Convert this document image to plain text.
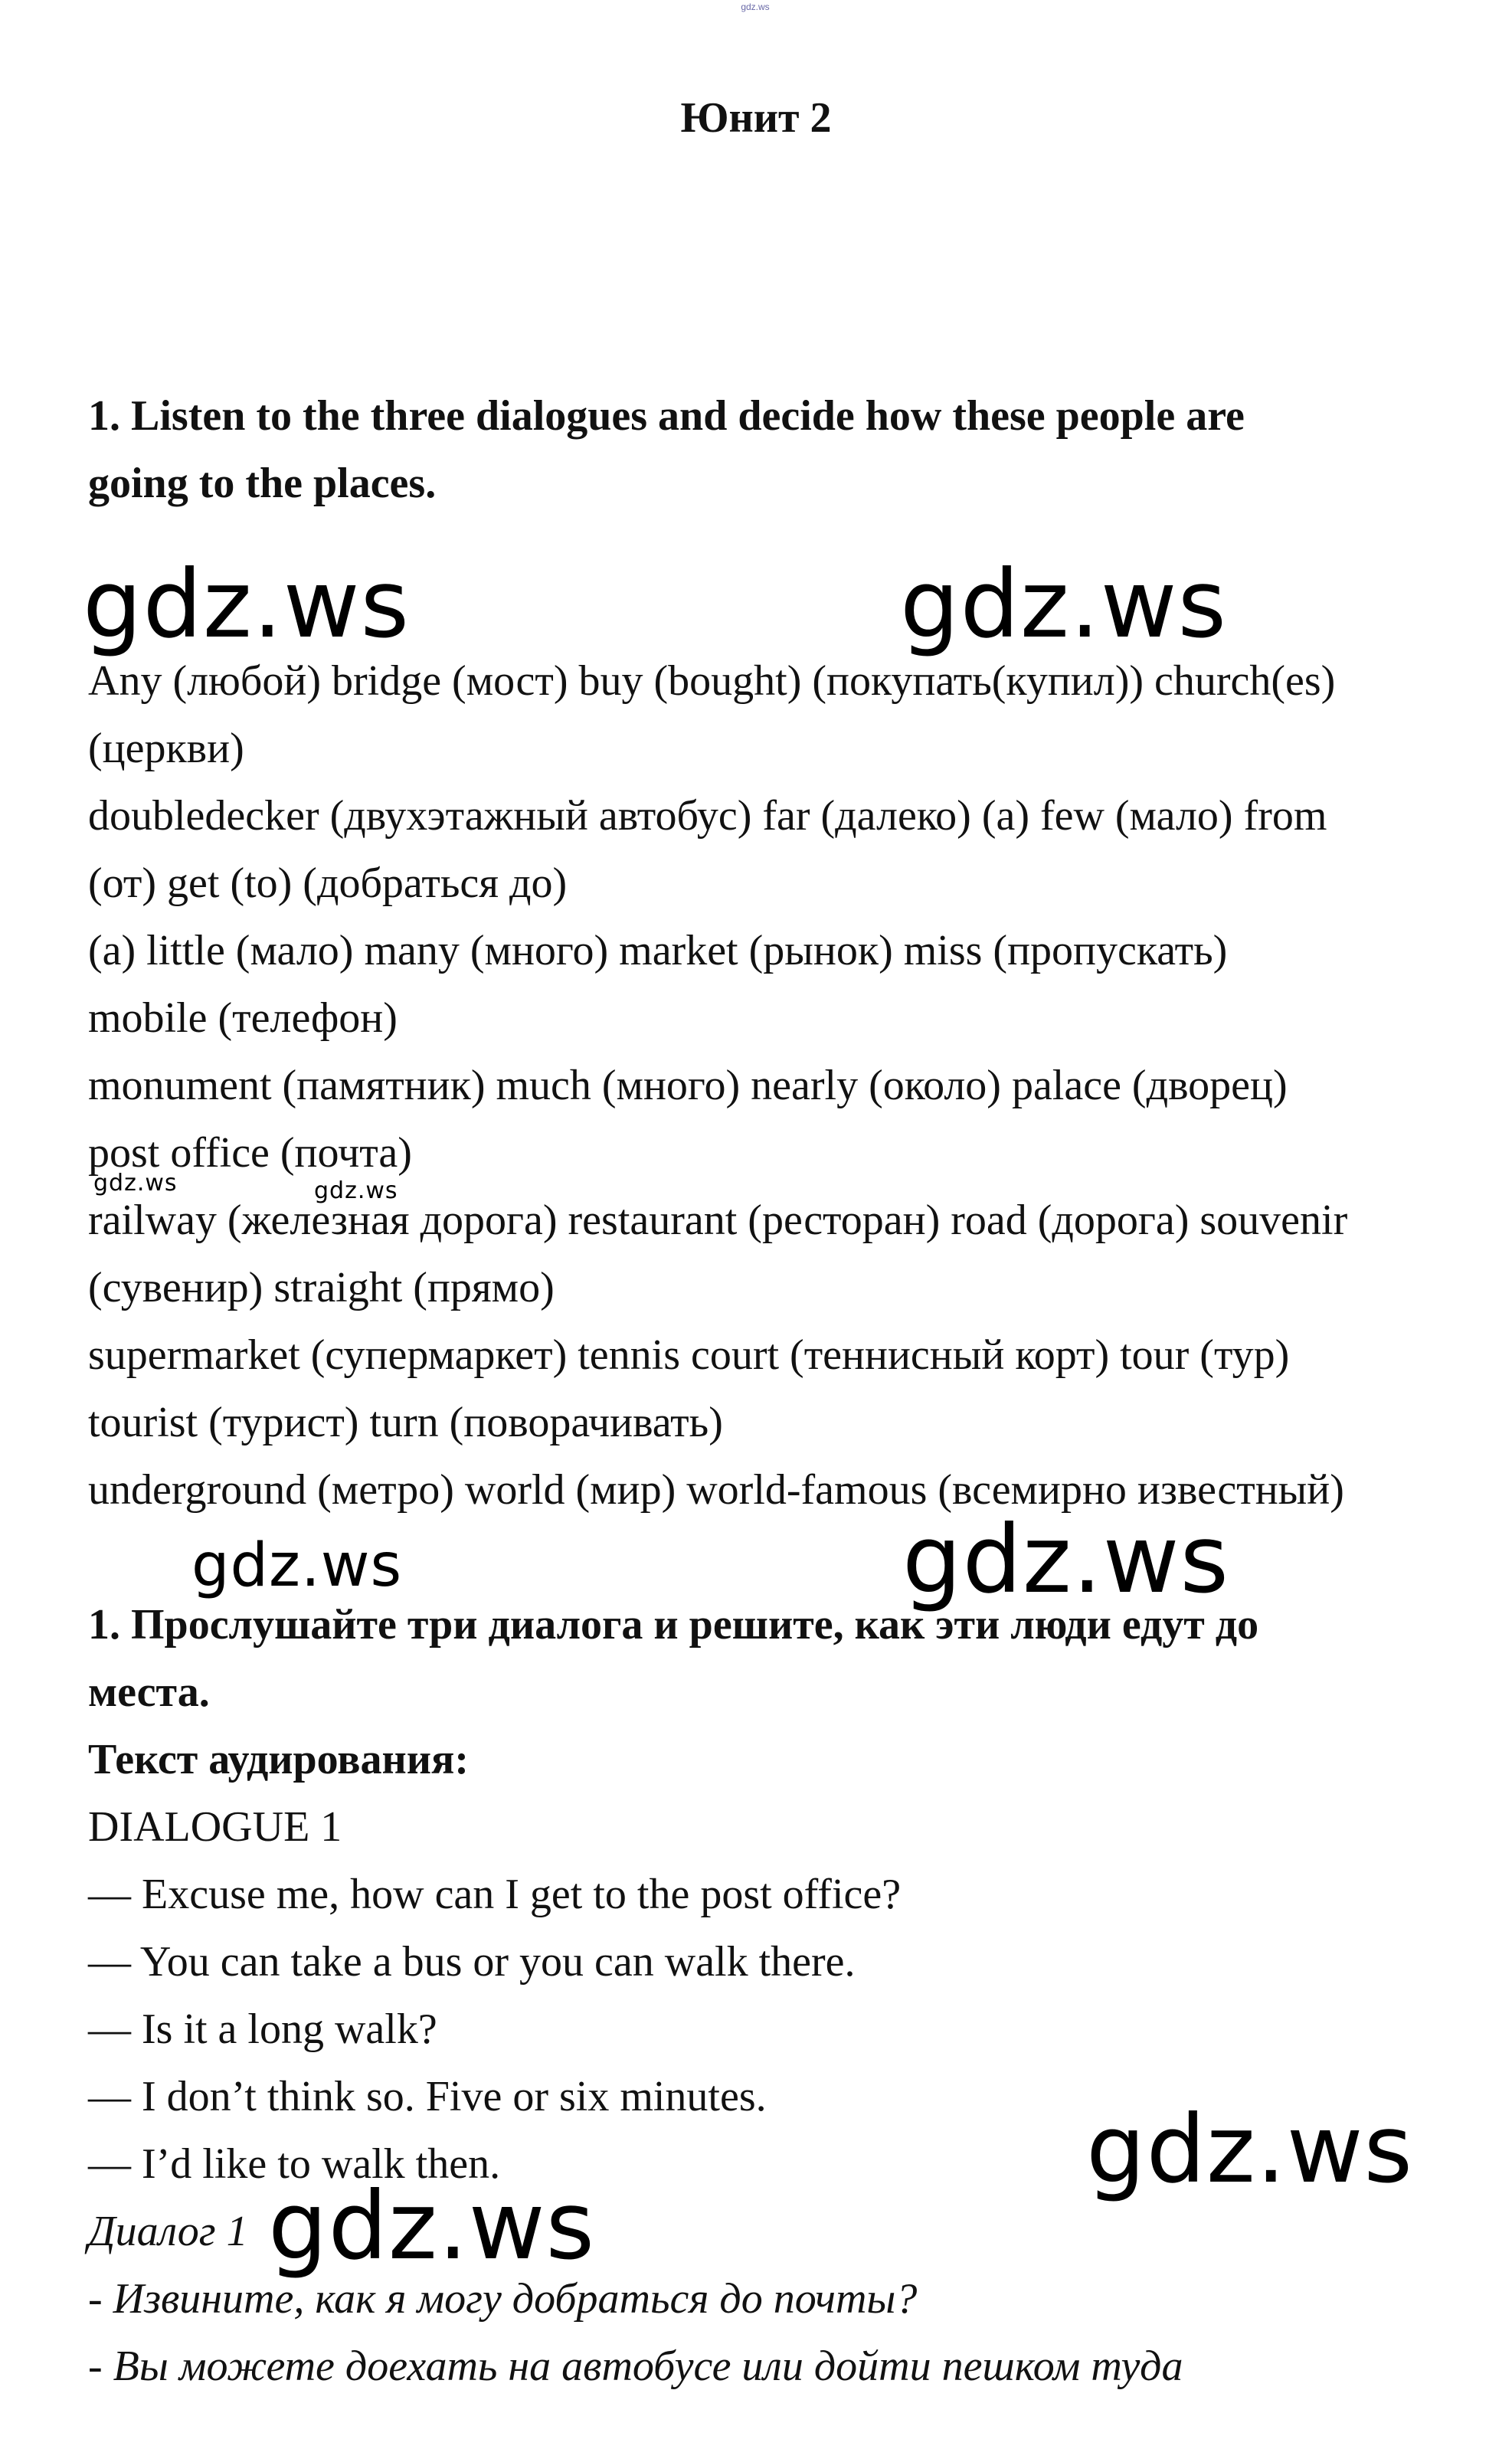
gdz.ws
Юнит 2
1. Listen to the three dialogues and decide how these people are
going to the places.
Any (любой) bridge (мост) buy (bought) (покупать(купил)) church(es)
(церкви)
doubledecker (двухэтажный автобус) far (далеко) (a) few (мало) from
(от) get (to) (добраться до)
(a) little (мало) many (много) market (рынок) miss (пропускать)
mobile (телефон)
monument (памятник) much (много) nearly (около) palace (дворец)
post office (почта)
railway (железная дорога) restaurant (ресторан) road (дорога) souvenir
(сувенир) straight (прямо)
supermarket (супермаркет) tennis court (теннисный корт) tour (тур)
tourist (турист) turn (поворачивать)
underground (метро) world (мир) world-famous (всемирно известный)
1. Прослушайте три диалога и решите, как эти люди едут до
места.
Текст аудирования:
DIALOGUE 1
— Excuse me, how can I get to the post office?
— You can take a bus or you can walk there.
— Is it a long walk?
— I don’t think so. Five or six minutes.
— I’d like to walk then.
Диалог 1
- Извините, как я могу добраться до почты?
- Вы можете доехать на автобусе или дойти пешком туда
gdz.ws	gdz.ws
gdz.ws	gdz.ws
gdz.ws	gdz.ws
gdz.ws
gdz.ws
